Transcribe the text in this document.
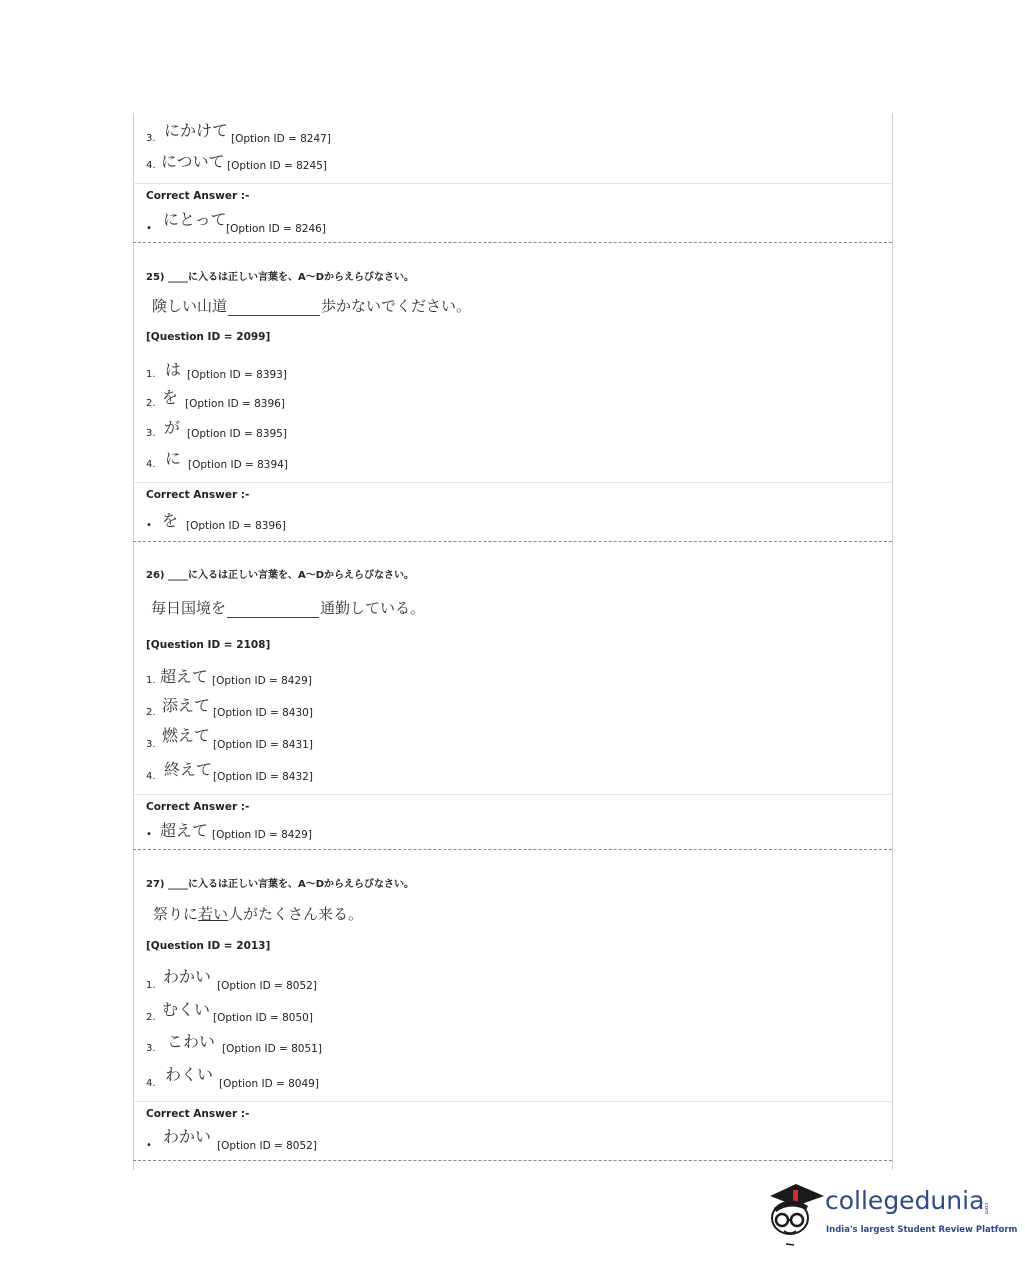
3. にかけて [Option ID = 8247]
4. について [Option ID = 8245]
Correct Answer :-
• にとって [Option ID = 8246]
25) ____に入るは正しい言葉を、A～Dからえらびなさい。
険しい山道	歩かないでください。
[Question ID = 2099]
1. は [Option ID = 8393]
2. を [Option ID = 8396]
3. が [Option ID = 8395]
4. に [Option ID = 8394]
Correct Answer :-
• を [Option ID = 8396]
26) ____に入るは正しい言葉を、A～Dからえらびなさい。
毎日国境を	通勤している。
[Question ID = 2108]
1. 超えて [Option ID = 8429]
2. 添えて [Option ID = 8430]
3. 燃えて [Option ID = 8431]
4. 終えて [Option ID = 8432]
Correct Answer :-
• 超えて [Option ID = 8429]
27) ____に入るは正しい言葉を、A～Dからえらびなさい。
祭りに若い人がたくさん来る。
[Question ID = 2013]
1. わかい [Option ID = 8052]
2. むくい [Option ID = 8050]
3. こわい [Option ID = 8051]
4. わくい [Option ID = 8049]
Correct Answer :-
• わかい [Option ID = 8052]
collegedunia
.com
India's largest Student Review Platform
